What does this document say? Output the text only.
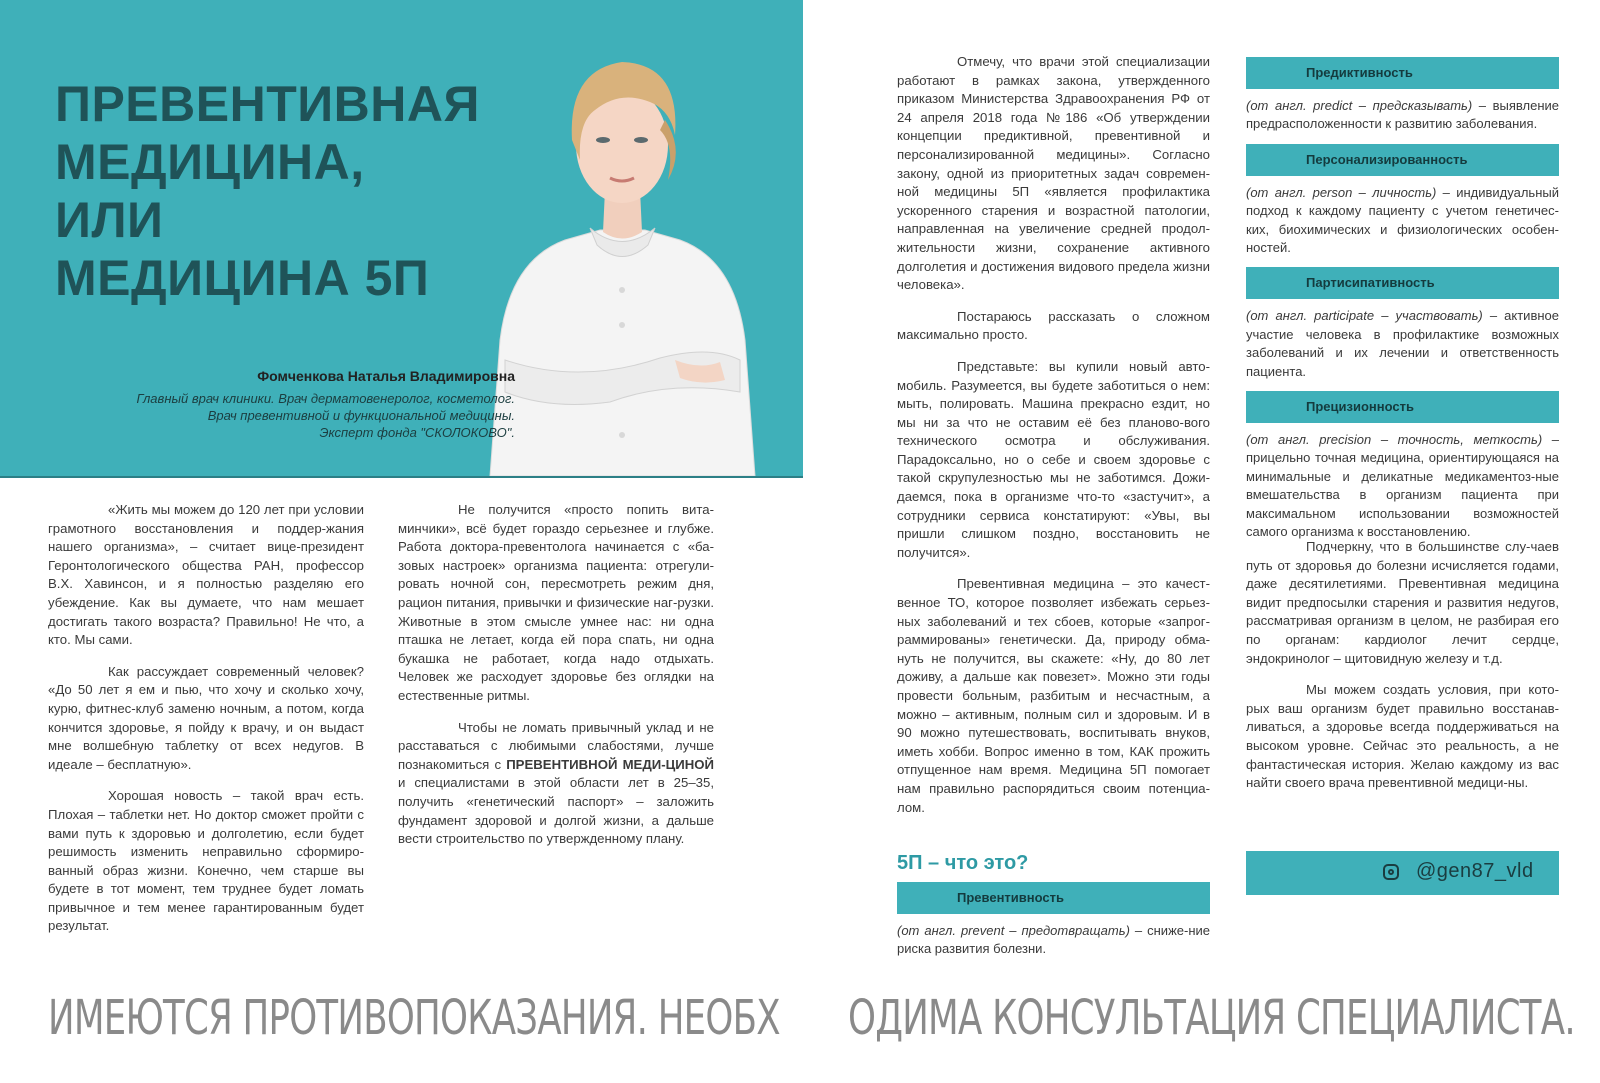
ПРЕВЕНТИВНАЯ
МЕДИЦИНА,
ИЛИ
МЕДИЦИНА 5П
Фомченкова Наталья Владимировна
Главный врач клиники. Врач дерматовенеролог, косметолог.
Врач превентивной и функциональной медицины.
Эксперт фонда "СКОЛОКОВО".

«Жить мы можем до 120 лет при условии грамотного восстановления и поддер-жания нашего организма», – считает вице-президент Геронтологического общества РАН, профессор В.Х. Хавинсон, и я полностью разделяю его убеждение. Как вы думаете, что нам мешает достигать такого возраста? Правильно! Не что, а кто. Мы сами.

Как рассуждает современный человек? «До 50 лет я ем и пью, что хочу и сколько хочу, курю, фитнес-клуб заменю ночным, а потом, когда кончится здоровье, я пойду к врачу, и он выдаст мне волшебную таблетку от всех недугов. В идеале – бесплатную».

Хорошая новость – такой врач есть. Плохая – таблетки нет. Но доктор сможет пройти с вами путь к здоровью и долголетию, если будет решимость изменить неправильно сформиро-ванный образ жизни. Конечно, чем старше вы будете в тот момент, тем труднее будет ломать привычное и тем менее гарантированным будет результат.

Не получится «просто попить вита-минчики», всё будет гораздо серьезнее и глубже. Работа доктора-превентолога начинается с «ба-зовых настроек» организма пациента: отрегули-ровать ночной сон, пересмотреть режим дня, рацион питания, привычки и физические наг-рузки. Животные в этом смысле умнее нас: ни одна пташка не летает, когда ей пора спать, ни одна букашка не работает, когда надо отдыхать. Человек же расходует здоровье без оглядки на естественные ритмы.

Чтобы не ломать привычный уклад и не расставаться с любимыми слабостями, лучше познакомиться с ПРЕВЕНТИВНОЙ МЕДИ-ЦИНОЙ и специалистами в этой области лет в 25–35, получить «генетический паспорт» – заложить фундамент здоровой и долгой жизни, а дальше вести строительство по утвержденному плану.

Отмечу, что врачи этой специализации работают в рамках закона, утвержденного приказом Министерства Здравоохранения РФ от 24 апреля 2018 года №186 «Об утверждении концепции предиктивной, превентивной и персонализированной медицины». Согласно закону, одной из приоритетных задач современ-ной медицины 5П «является профилактика ускоренного старения и возрастной патологии, направленная на увеличение средней продол-жительности жизни, сохранение активного долголетия и достижения видового предела жизни человека».

Постараюсь рассказать о сложном максимально просто.

Представьте: вы купили новый авто-мобиль. Разумеется, вы будете заботиться о нем: мыть, полировать. Машина прекрасно ездит, но мы ни за что не оставим её без планово-вого технического осмотра и обслуживания. Парадоксально, но о себе и своем здоровье с такой скрупулезностью мы не заботимся. Дожи-даемся, пока в организме что-то «застучит», а сотрудники сервиса констатируют: «Увы, вы пришли слишком поздно, восстановить не получится».

Превентивная медицина – это качест-венное ТО, которое позволяет избежать серьез-ных заболеваний и тех сбоев, которые «запрог-раммированы» генетически. Да, природу обма-нуть не получится, вы скажете: «Ну, до 80 лет доживу, а дальше как повезет». Можно эти годы провести больным, разбитым и несчастным, а можно – активным, полным сил и здоровым. И в 90 можно путешествовать, воспитывать внуков, иметь хобби. Вопрос именно в том, КАК прожить отпущенное нам время. Медицина 5П помогает нам правильно распорядиться своим потенциа-лом.

5П – что это?
Превентивность
(от англ. prevent – предотвращать) – сниже-ние риска развития болезни.
Предиктивность
(от англ. predict – предсказывать) – выявление предрасположенности к развитию заболевания.
Персонализированность
(от англ. person – личность) – индивидуальный подход к каждому пациенту с учетом генетичес-ких, биохимических и физиологических особен-ностей.
Партисипативность
(от англ. participate – участвовать) – активное участие человека в профилактике возможных заболеваний и их лечении и ответственность пациента.
Прецизионность
(от англ. precision – точность, меткость) – прицельно точная медицина, ориентирующаяся на минимальные и деликатные медикаментоз-ные вмешательства в организм пациента при максимальном использовании возможностей самого организма к восстановлению.

Подчеркну, что в большинстве слу-чаев путь от здоровья до болезни исчисляется годами, даже десятилетиями. Превентивная медицина видит предпосылки старения и развития недугов, рассматривая организм в целом, не разбирая его по органам: кардиолог лечит сердце, эндокринолог – щитовидную железу и т.д.

Мы можем создать условия, при кото-рых ваш организм будет правильно восстанав-ливаться, а здоровье всегда поддерживаться на высоком уровне. Сейчас это реальность, а не фантастическая история. Желаю каждому из вас найти своего врача превентивной медици-ны.

@gen87_vld
ИМЕЮТСЯ ПРОТИВОПОКАЗАНИЯ. НЕОБХ ОДИМА КОНСУЛЬТАЦИЯ СПЕЦИАЛИСТА.
